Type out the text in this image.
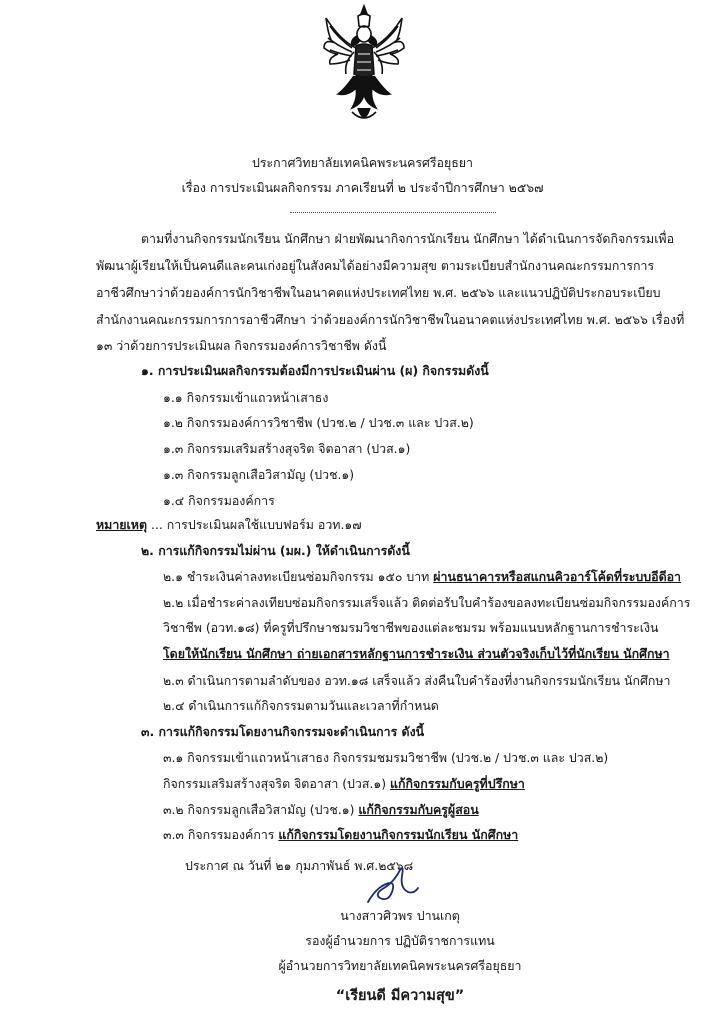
ประกาศวิทยาลัยเทคนิคพระนครศรีอยุธยา
เรื่อง การประเมินผลกิจกรรม ภาคเรียนที่ ๒ ประจำปีการศึกษา ๒๕๖๗
ตามที่งานกิจกรรมนักเรียน นักศึกษา ฝ่ายพัฒนากิจการนักเรียน นักศึกษา ได้ดำเนินการจัดกิจกรรมเพื่อ
พัฒนาผู้เรียนให้เป็นคนดีและคนเก่งอยู่ในสังคมได้อย่างมีความสุข ตามระเบียบสำนักงานคณะกรรมการการ
อาชีวศึกษาว่าด้วยองค์การนักวิชาชีพในอนาคตแห่งประเทศไทย พ.ศ. ๒๕๖๖ และแนวปฏิบัติประกอบระเบียบ
สำนักงานคณะกรรมการการอาชีวศึกษา ว่าด้วยองค์การนักวิชาชีพในอนาคตแห่งประเทศไทย พ.ศ. ๒๕๖๖ เรื่องที่
๑๓ ว่าด้วยการประเมินผล กิจกรรมองค์การวิชาชีพ ดังนี้
๑. การประเมินผลกิจกรรมต้องมีการประเมินผ่าน (ผ) กิจกรรมดังนี้
๑.๑ กิจกรรมเข้าแถวหน้าเสาธง
๑.๒ กิจกรรมองค์การวิชาชีพ (ปวช.๒ / ปวช.๓ และ ปวส.๒)
๑.๓ กิจกรรมเสริมสร้างสุจริต จิตอาสา (ปวส.๑)
๑.๓ กิจกรรมลูกเสือวิสามัญ (ปวช.๑)
๑.๔ กิจกรรมองค์การ
หมายเหตุ ... การประเมินผลใช้แบบฟอร์ม อวท.๑๗
๒. การแก้กิจกรรมไม่ผ่าน (มผ.) ให้ดำเนินการดังนี้
๒.๑ ชำระเงินค่าลงทะเบียนซ่อมกิจกรรม ๑๕๐ บาท ผ่านธนาคารหรือสแกนคิวอาร์โค้ดที่ระบบอีดีอา
๒.๒ เมื่อชำระค่าลงเทียบซ่อมกิจกรรมเสร็จแล้ว ติดต่อรับใบคำร้องขอลงทะเบียนซ่อมกิจกรรมองค์การ
วิชาชีพ (อวท.๑๘) ที่ครูที่ปรึกษาชมรมวิชาชีพของแต่ละชมรม พร้อมแนบหลักฐานการชำระเงิน
โดยให้นักเรียน นักศึกษา ถ่ายเอกสารหลักฐานการชำระเงิน ส่วนตัวจริงเก็บไว้ที่นักเรียน นักศึกษา
๒.๓ ดำเนินการตามลำดับของ อวท.๑๘ เสร็จแล้ว ส่งคืนใบคำร้องที่งานกิจกรรมนักเรียน นักศึกษา
๒.๔ ดำเนินการแก้กิจกรรมตามวันและเวลาที่กำหนด
๓. การแก้กิจกรรมโดยงานกิจกรรมจะดำเนินการ ดังนี้
๓.๑ กิจกรรมเข้าแถวหน้าเสาธง กิจกรรมชมรมวิชาชีพ (ปวช.๒ / ปวช.๓ และ ปวส.๒)
กิจกรรมเสริมสร้างสุจริต จิตอาสา (ปวส.๑) แก้กิจกรรมกับครูที่ปรึกษา
๓.๒ กิจกรรมลูกเสือวิสามัญ (ปวช.๑) แก้กิจกรรมกับครูผู้สอน
๓.๓ กิจกรรมองค์การ แก้กิจกรรมโดยงานกิจกรรมนักเรียน นักศึกษา
ประกาศ ณ วันที่ ๒๑ กุมภาพันธ์ พ.ศ.๒๕๖๘
นางสาวศิวพร ปานเกตุ
รองผู้อำนวยการ ปฏิบัติราชการแทน
ผู้อำนวยการวิทยาลัยเทคนิคพระนครศรีอยุธยา
“เรียนดี มีความสุข”
